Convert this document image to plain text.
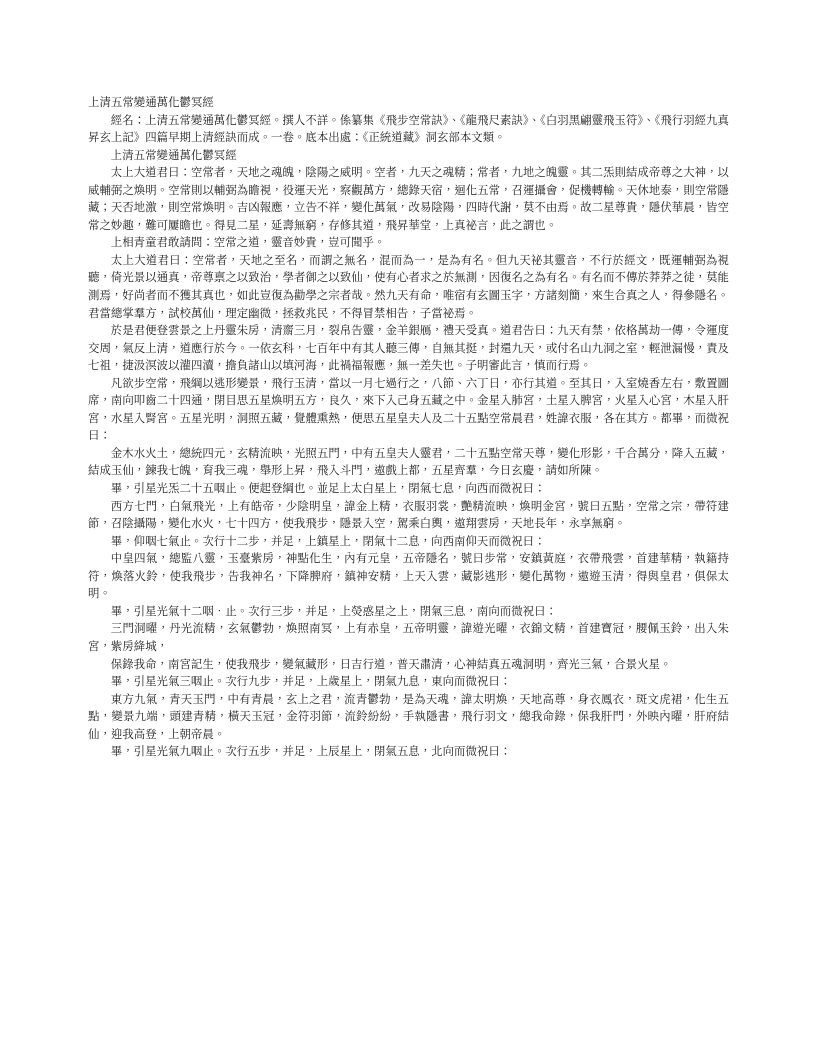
上清五常變通萬化鬱冥經

經名：上清五常變通萬化鬱冥經。撰人不詳。係纂集《飛步空常訣》、《龍飛尺素訣》、《白羽黑翩靈飛玉符》、《飛行羽經九真昇玄上記》四篇早期上清經訣而成。一卷。底本出處：《正統道藏》洞玄部本文類。

上清五常變通萬化鬱冥經

太上大道君曰：空常者，天地之魂魄，陰陽之威明。空者，九天之魂精；常者，九地之魄靈。其二炁則結成帝尊之大神，以威輔弼之煥明。空常則以輔弼為瞻視，役運天光，察觀萬方，總錄天宿，迴化五常，召運攝會，促機轉輸。天休地泰，則空常隱藏；天否地激，則空常煥明。吉凶報應，立告不祥，變化萬氣，改易陰陽，四時代謝，莫不由焉。故二星尊貴，隱伏華晨，皆空常之妙趣，難可屢瞻也。得見二星，延壽無窮，存修其道，飛昇華堂，上真祕言，此之謂也。

上相青童君敢請問：空常之道，靈音妙貴，豈可聞乎。

太上大道君曰：空常者，天地之至名，而謂之無名，混而為一，是為有名。但九天祕其靈音，不行於經文，既運輔弼為視聽，倚光景以通真，帝尊禀之以致治，學者御之以致仙，使有心者求之於無測，因復名之為有名。有名而不傳於莽莽之徒，莫能測焉，好尚者而不獲其真也，如此豈復為勸學之宗者哉。然九天有命，唯宿有玄圖玉字，方諸刻簡，來生合真之人，得參隱名。君當總掌羣方，試校萬仙，理定幽微，拯救兆民，不得冒禁相告，子當祕焉。

於是君便登雲景之上丹靈朱房，清齋三月，裂帛告靈，金羊銀鴈，禮天受真。道君告曰：九天有禁，依格萬劫一傳，令運度交周，氣反上清，道應行於今。一依玄科，七百年中有其人聽三傳，自無其挺，封還九天，或付名山九洞之室，輕泄漏慢，責及七祖，捷汲溟波以灌四瀆，擔負諸山以填河海，此禍福報應，無一差失也。子明審此言，慎而行焉。

凡欲步空常，飛綱以逃形變景，飛行玉清，當以一月七過行之，八節、六丁日，亦行其道。至其日，入室燒香左右，敷置圖席，南向叩齒二十四通，閉目思五星煥明五方，良久，來下入己身五藏之中。金星入肺宮，土星入脾宮，火星入心宮，木星入肝宮，水星入腎宮。五星光明，洞照五藏，覺體熏熱，便思五星皇夫人及二十五點空常晨君，姓諱衣服，各在其方。都畢，而微祝曰：

金木水火土，總統四元，玄精流映，光照五門，中有五皇夫人靈君，二十五點空常天尊，變化形影，千合萬分，降入五藏，結成玉仙，鍊我七魄，育我三魂，舉形上昇，飛入斗門，遨戲上都，五星齊羣，今日玄慶，請如所陳。

畢，引星光炁二十五咽止。便起登綱也。並足上太白星上，閉氣七息，向西而微祝曰：

西方七門，白氣飛光，上有皓帝，少陰明皇，諱金上精，衣服羽裳，艷精流映，煥明金宮，號曰五點，空常之宗，帶符建節，召陰攝陽，變化水火，七十四方，使我飛步，隱景入空，駕乘白輿，遨翔雲房，天地長年，永享無窮。

畢，仰咽七氣止。次行十二步，并足，上鎮星上，閉氣十二息，向西南仰天而微祝曰：

中皇四氣，總監八靈，玉臺紫房，神點化生，內有元皇，五帝隱名，號曰步常，安鎮黃庭，衣帶飛雲，首建華精，執籍持符，煥落火鈴，使我飛步，告我神名，下降脾府，鎮神安精，上天入雲，藏影逃形，變化萬物，遨遊玉清，得與皇君，俱保太明。

畢，引星光氣十二咽‧止。次行三步，并足，上熒惑星之上，閉氣三息，南向而微祝曰：

三門洞曜，丹光流精，玄氣鬱勃，煥照南冥，上有赤皇，五帝明靈，諱遊光曜，衣錦文精，首建寶冠，腰佩玉鈴，出入朱宮，紫房絳城，

保錄我命，南宮記生，使我飛步，變氣藏形，日吉行道，普天肅清，心神結真五魂洞明，齊光三氣，合景火星。

畢，引星光氣三咽止。次行九步，并足，上歲星上，閉氣九息，東向而微祝曰：

東方九氣，青天玉門，中有青晨，玄上之君，流青鬱勃，是為天魂，諱太明煥，天地高尊，身衣鳳衣，斑文虎裙，化生五點，變景九端，頭建青精，橫天玉冠，金符羽節，流鈴紛紛，手執隱書，飛行羽文，總我命錄，保我肝門，外映內曜，肝府結仙，迎我高登，上朝帝晨。

畢，引星光氣九咽止。次行五步，并足，上辰星上，閉氣五息，北向而微祝曰：
